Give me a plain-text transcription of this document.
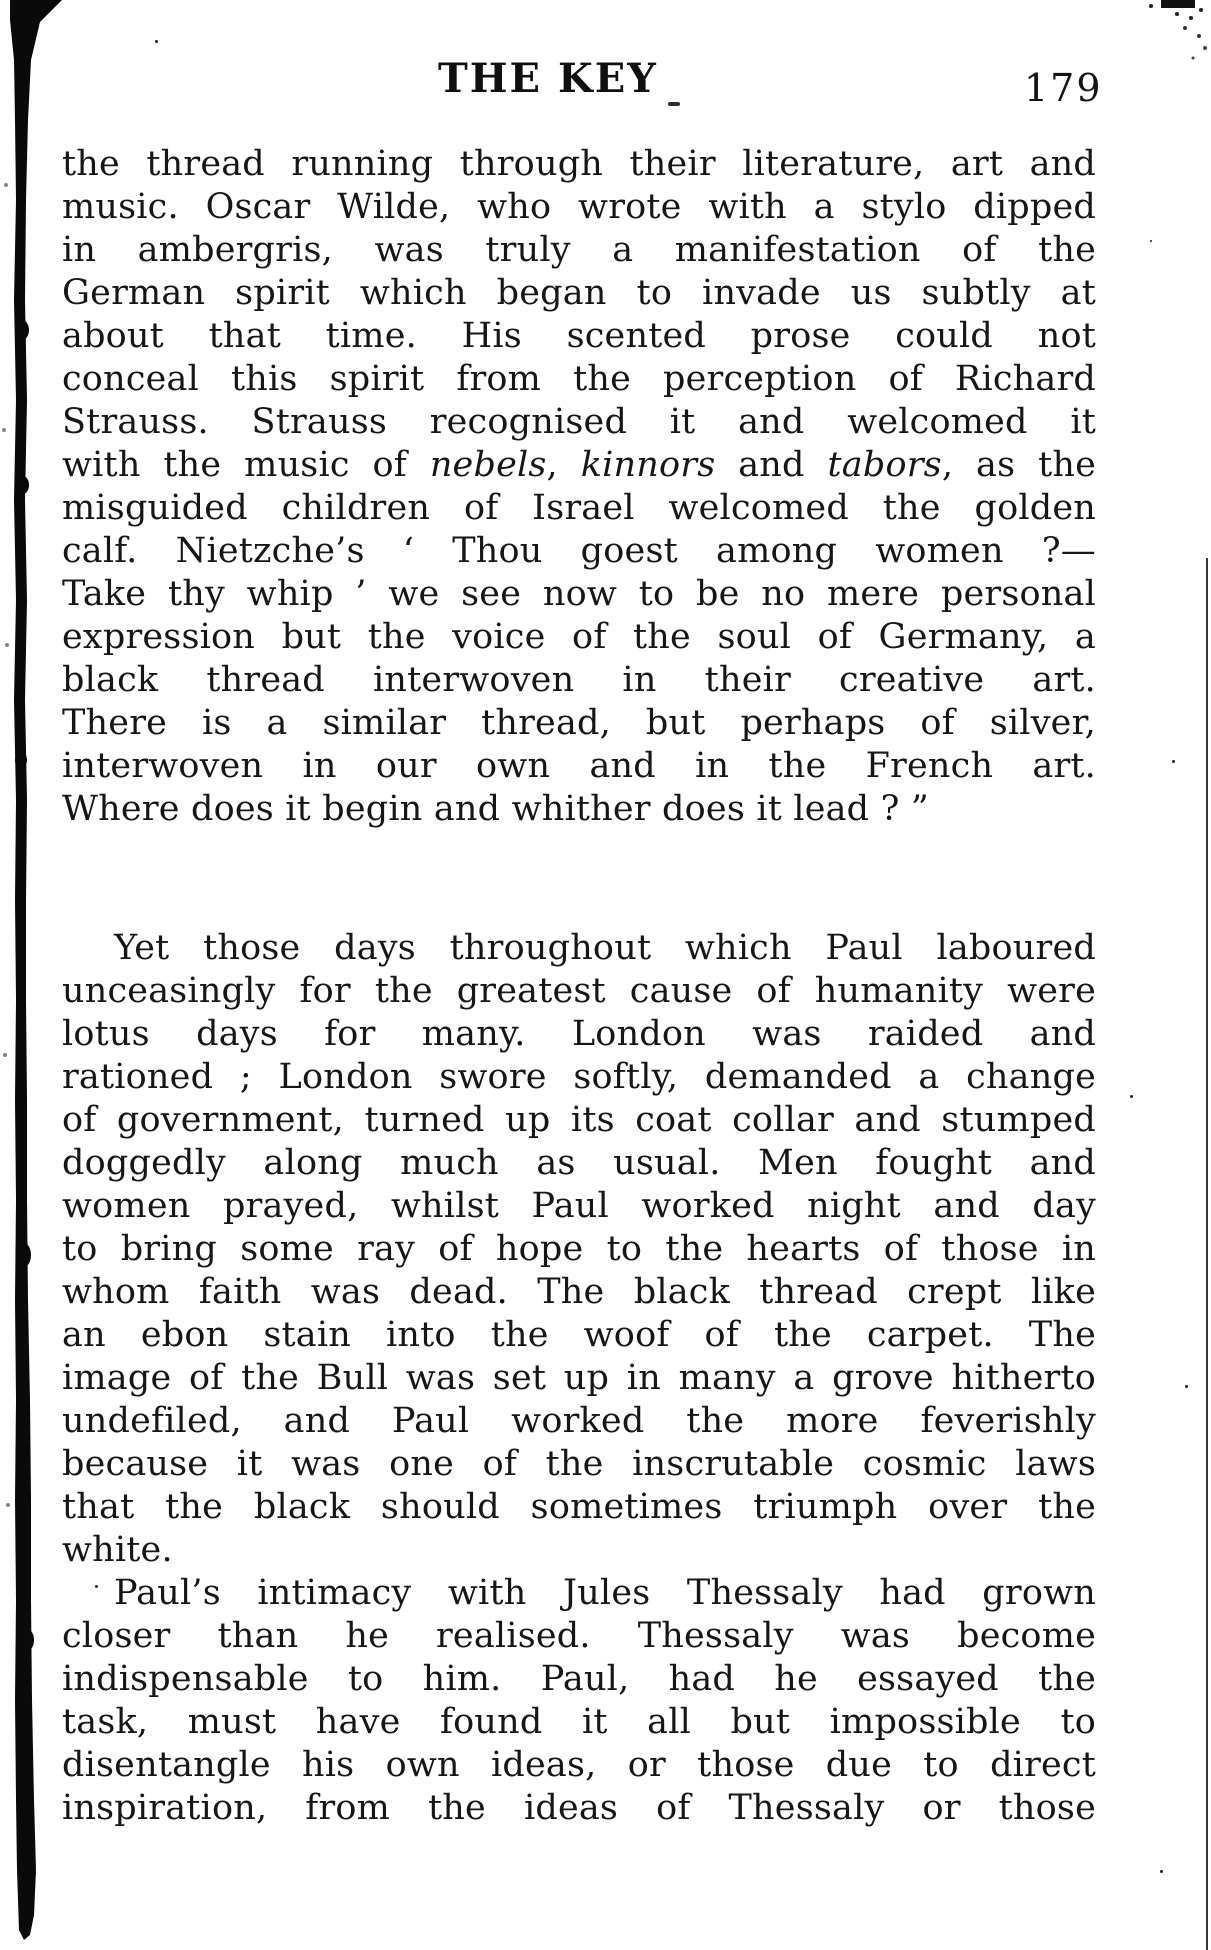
THE KEY	179
the thread running through their literature, art and
music. Oscar Wilde, who wrote with a stylo dipped
in ambergris, was truly a manifestation of the
German spirit which began to invade us subtly at
about that time. His scented prose could not
conceal this spirit from the perception of Richard
Strauss. Strauss recognised it and welcomed it
with the music of nebels, kinnors and tabors, as the
misguided children of Israel welcomed the golden
calf. Nietzche’s ‘ Thou goest among women ?—
Take thy whip ’ we see now to be no mere personal
expression but the voice of the soul of Germany, a
black thread interwoven in their creative art.
There is a similar thread, but perhaps of silver,
interwoven in our own and in the French art.
Where does it begin and whither does it lead ? ”
Yet those days throughout which Paul laboured
unceasingly for the greatest cause of humanity were
lotus days for many. London was raided and
rationed ; London swore softly, demanded a change
of government, turned up its coat collar and stumped
doggedly along much as usual. Men fought and
women prayed, whilst Paul worked night and day
to bring some ray of hope to the hearts of those in
whom faith was dead. The black thread crept like
an ebon stain into the woof of the carpet. The
image of the Bull was set up in many a grove hitherto
undefiled, and Paul worked the more feverishly
because it was one of the inscrutable cosmic laws
that the black should sometimes triumph over the
white.
Paul’s intimacy with Jules Thessaly had grown
closer than he realised. Thessaly was become
indispensable to him. Paul, had he essayed the
task, must have found it all but impossible to
disentangle his own ideas, or those due to direct
inspiration, from the ideas of Thessaly or those
